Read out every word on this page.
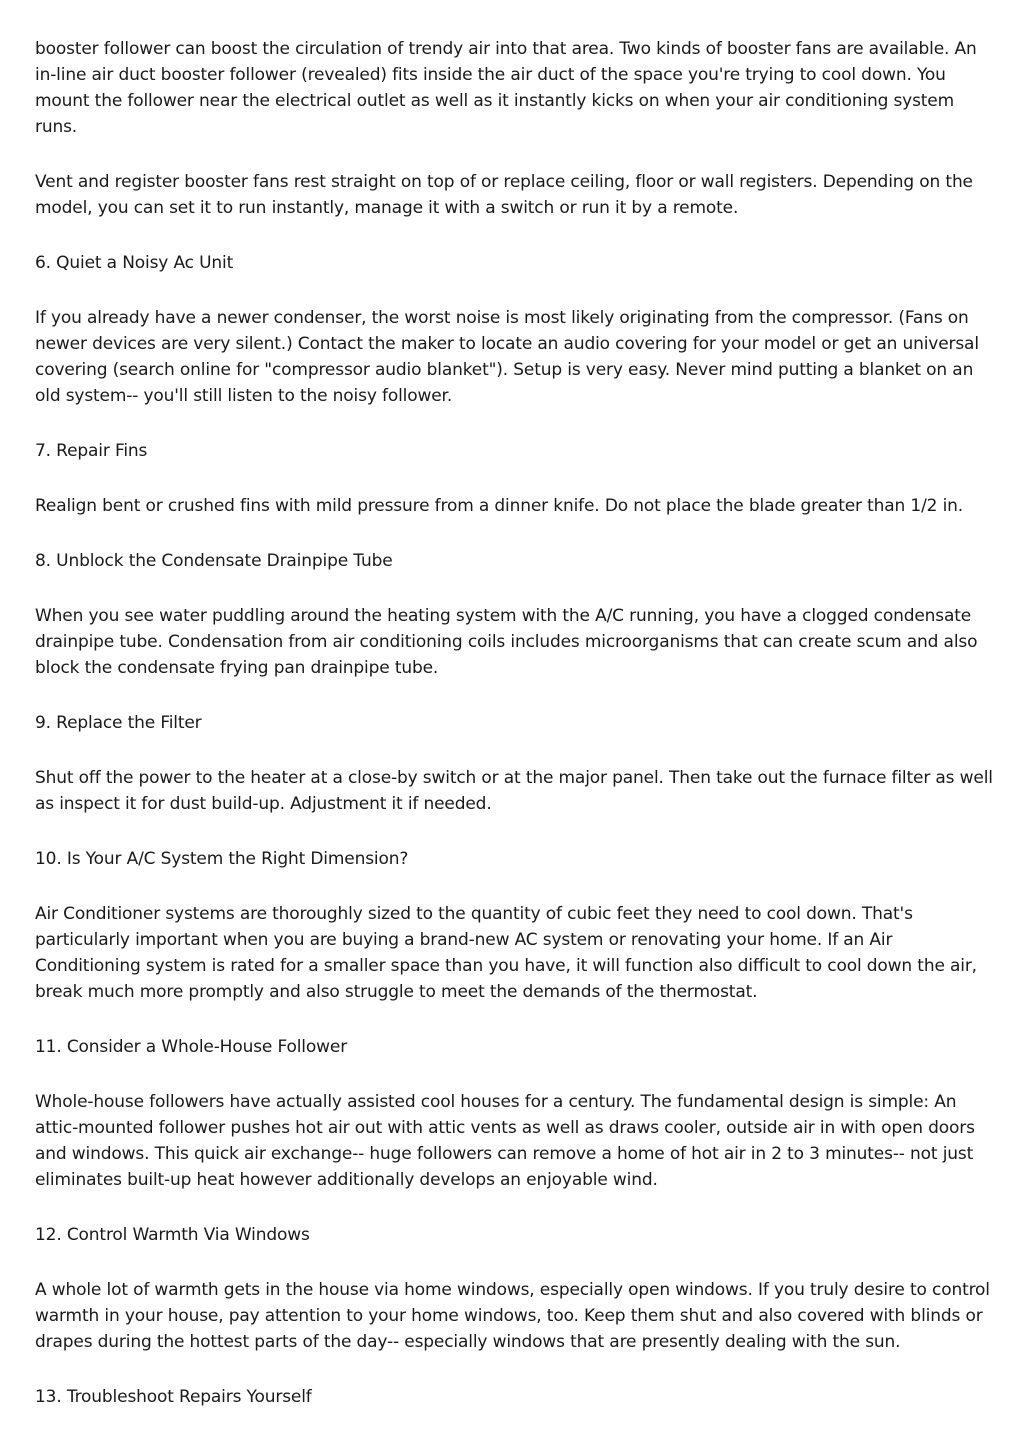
booster follower can boost the circulation of trendy air into that area. Two kinds of booster fans are available. An in-line air duct booster follower (revealed) fits inside the air duct of the space you're trying to cool down. You mount the follower near the electrical outlet as well as it instantly kicks on when your air conditioning system runs.

Vent and register booster fans rest straight on top of or replace ceiling, floor or wall registers. Depending on the model, you can set it to run instantly, manage it with a switch or run it by a remote.

6. Quiet a Noisy Ac Unit

If you already have a newer condenser, the worst noise is most likely originating from the compressor. (Fans on newer devices are very silent.) Contact the maker to locate an audio covering for your model or get an universal covering (search online for "compressor audio blanket"). Setup is very easy. Never mind putting a blanket on an old system-- you'll still listen to the noisy follower.

7. Repair Fins

Realign bent or crushed fins with mild pressure from a dinner knife. Do not place the blade greater than 1/2 in.

8. Unblock the Condensate Drainpipe Tube

When you see water puddling around the heating system with the A/C running, you have a clogged condensate drainpipe tube. Condensation from air conditioning coils includes microorganisms that can create scum and also block the condensate frying pan drainpipe tube.

9. Replace the Filter

Shut off the power to the heater at a close-by switch or at the major panel. Then take out the furnace filter as well as inspect it for dust build-up. Adjustment it if needed.

10. Is Your A/C System the Right Dimension?

Air Conditioner systems are thoroughly sized to the quantity of cubic feet they need to cool down. That's particularly important when you are buying a brand-new AC system or renovating your home. If an Air Conditioning system is rated for a smaller space than you have, it will function also difficult to cool down the air, break much more promptly and also struggle to meet the demands of the thermostat.

11. Consider a Whole-House Follower

Whole-house followers have actually assisted cool houses for a century. The fundamental design is simple: An attic-mounted follower pushes hot air out with attic vents as well as draws cooler, outside air in with open doors and windows. This quick air exchange-- huge followers can remove a home of hot air in 2 to 3 minutes-- not just eliminates built-up heat however additionally develops an enjoyable wind.

12. Control Warmth Via Windows

A whole lot of warmth gets in the house via home windows, especially open windows. If you truly desire to control warmth in your house, pay attention to your home windows, too. Keep them shut and also covered with blinds or drapes during the hottest parts of the day-- especially windows that are presently dealing with the sun.

13. Troubleshoot Repairs Yourself
